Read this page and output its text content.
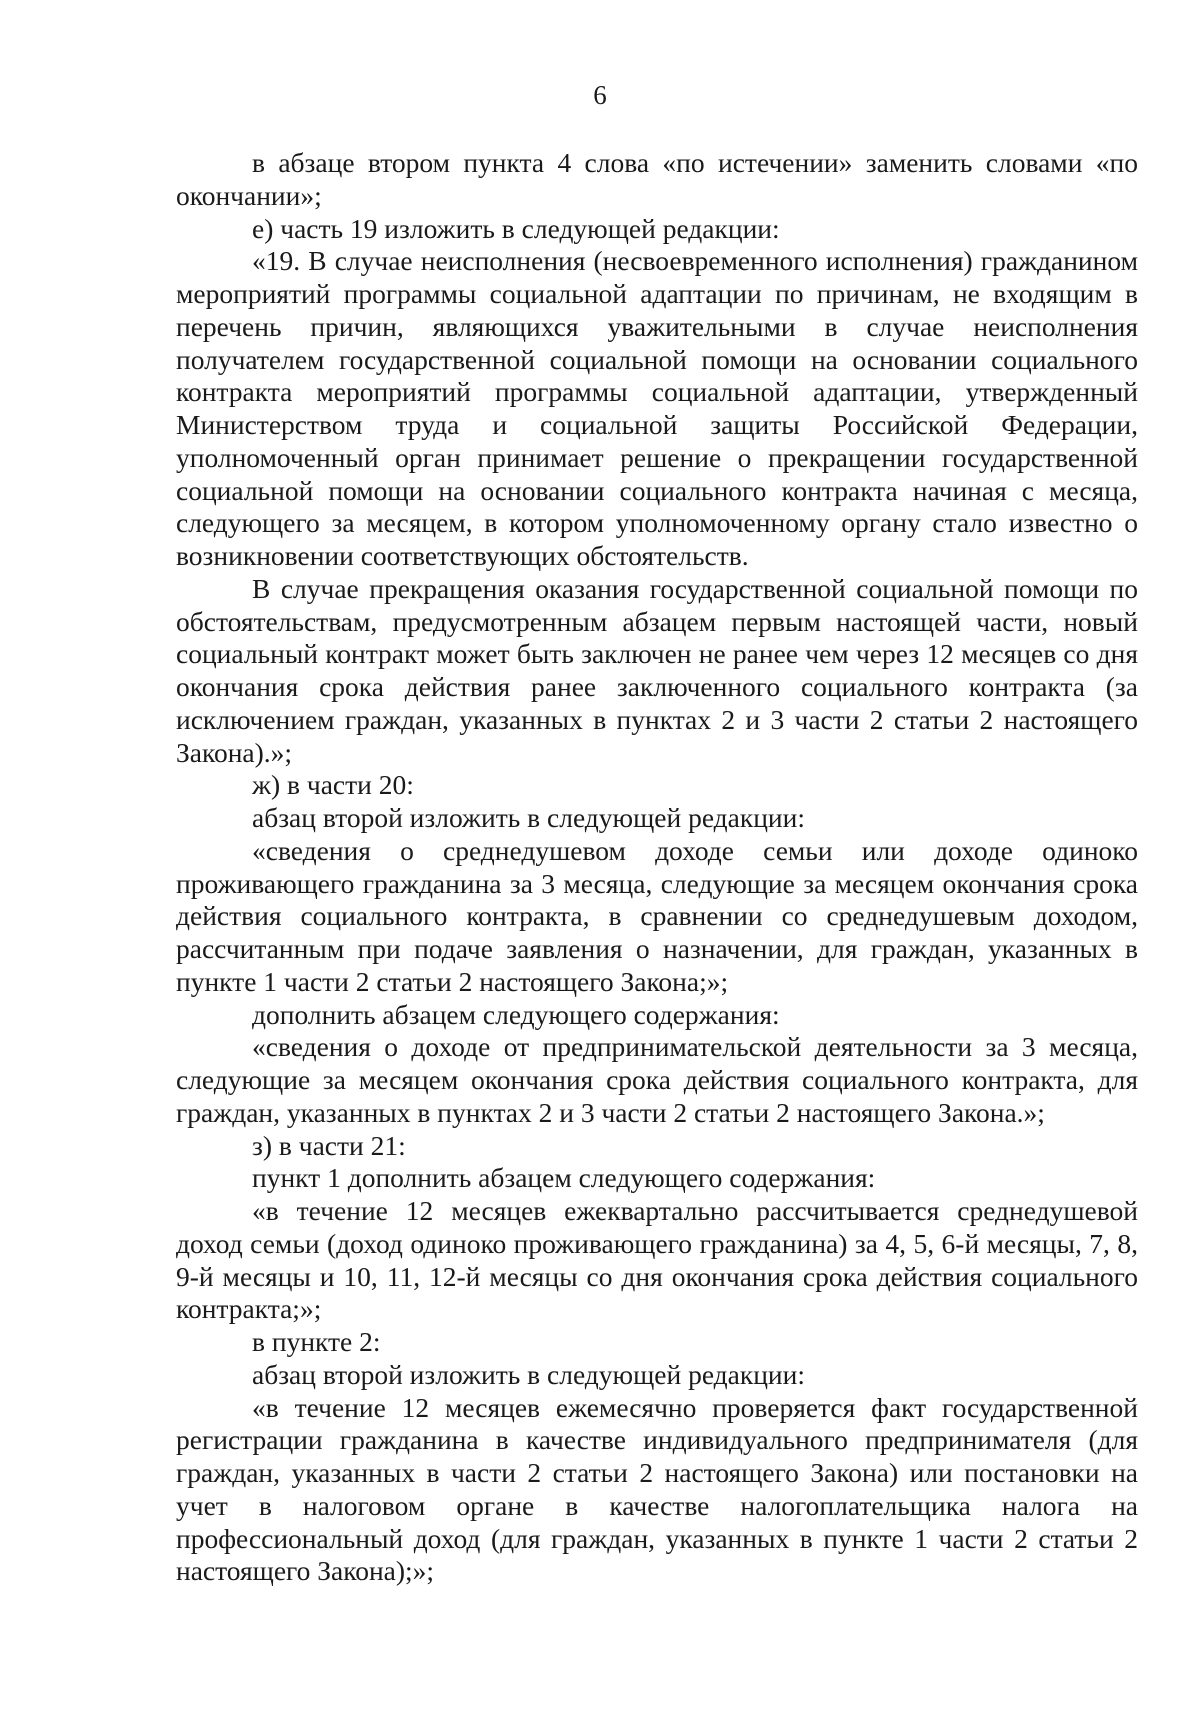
6

в абзаце втором пункта 4 слова «по истечении» заменить словами «по окончании»;

е) часть 19 изложить в следующей редакции:

«19. В случае неисполнения (несвоевременного исполнения) гражданином мероприятий программы социальной адаптации по причинам, не входящим в перечень причин, являющихся уважительными в случае неисполнения получателем государственной социальной помощи на основании социального контракта мероприятий программы социальной адаптации, утвержденный Министерством труда и социальной защиты Российской Федерации, уполномоченный орган принимает решение о прекращении государственной социальной помощи на основании социального контракта начиная с месяца, следующего за месяцем, в котором уполномоченному органу стало известно о возникновении соответствующих обстоятельств.

В случае прекращения оказания государственной социальной помощи по обстоятельствам, предусмотренным абзацем первым настоящей части, новый социальный контракт может быть заключен не ранее чем через 12 месяцев со дня окончания срока действия ранее заключенного социального контракта (за исключением граждан, указанных в пунктах 2 и 3 части 2 статьи 2 настоящего Закона).»;

ж) в части 20:

абзац второй изложить в следующей редакции:

«сведения о среднедушевом доходе семьи или доходе одиноко проживающего гражданина за 3 месяца, следующие за месяцем окончания срока действия социального контракта, в сравнении со среднедушевым доходом, рассчитанным при подаче заявления о назначении, для граждан, указанных в пункте 1 части 2 статьи 2 настоящего Закона;»;

дополнить абзацем следующего содержания:

«сведения о доходе от предпринимательской деятельности за 3 месяца, следующие за месяцем окончания срока действия социального контракта, для граждан, указанных в пунктах 2 и 3 части 2 статьи 2 настоящего Закона.»;

з) в части 21:

пункт 1 дополнить абзацем следующего содержания:

«в течение 12 месяцев ежеквартально рассчитывается среднедушевой доход семьи (доход одиноко проживающего гражданина) за 4, 5, 6-й месяцы, 7, 8, 9-й месяцы и 10, 11, 12-й месяцы со дня окончания срока действия социального контракта;»;

в пункте 2:

абзац второй изложить в следующей редакции:

«в течение 12 месяцев ежемесячно проверяется факт государственной регистрации гражданина в качестве индивидуального предпринимателя (для граждан, указанных в части 2 статьи 2 настоящего Закона) или постановки на учет в налоговом органе в качестве налогоплательщика налога на профессиональный доход (для граждан, указанных в пункте 1 части 2 статьи 2 настоящего Закона);»;
